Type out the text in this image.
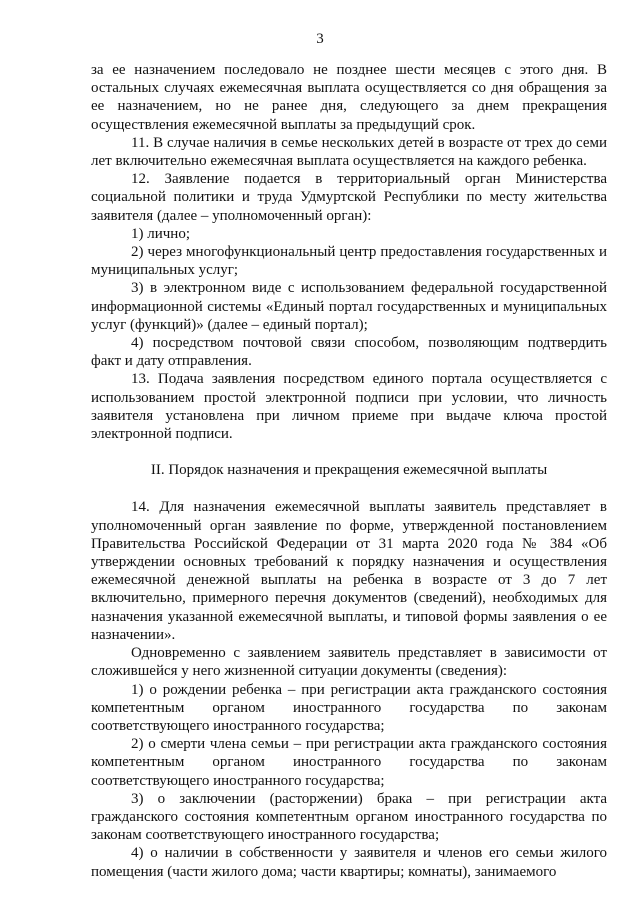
3

за ее назначением последовало не позднее шести месяцев с этого дня. В остальных случаях ежемесячная выплата осуществляется со дня обращения за ее назначением, но не ранее дня, следующего за днем прекращения осуществления ежемесячной выплаты за предыдущий срок.

11. В случае наличия в семье нескольких детей в возрасте от трех до семи лет включительно ежемесячная выплата осуществляется на каждого ребенка.

12. Заявление подается в территориальный орган Министерства социальной политики и труда Удмуртской Республики по месту жительства заявителя (далее – уполномоченный орган):

1) лично;

2) через многофункциональный центр предоставления государственных и муниципальных услуг;

3) в электронном виде с использованием федеральной государственной информационной системы «Единый портал государственных и муниципальных услуг (функций)» (далее – единый портал);

4) посредством почтовой связи способом, позволяющим подтвердить факт и дату отправления.

13. Подача заявления посредством единого портала осуществляется с использованием простой электронной подписи при условии, что личность заявителя установлена при личном приеме при выдаче ключа простой электронной подписи.

II. Порядок назначения и прекращения ежемесячной выплаты

14. Для назначения ежемесячной выплаты заявитель представляет в уполномоченный орган заявление по форме, утвержденной постановлением Правительства Российской Федерации от 31 марта 2020 года № 384 «Об утверждении основных требований к порядку назначения и осуществления ежемесячной денежной выплаты на ребенка в возрасте от 3 до 7 лет включительно, примерного перечня документов (сведений), необходимых для назначения указанной ежемесячной выплаты, и типовой формы заявления о ее назначении».

Одновременно с заявлением заявитель представляет в зависимости от сложившейся у него жизненной ситуации документы (сведения):

1) о рождении ребенка – при регистрации акта гражданского состояния компетентным органом иностранного государства по законам соответствующего иностранного государства;

2) о смерти члена семьи – при регистрации акта гражданского состояния компетентным органом иностранного государства по законам соответствующего иностранного государства;

3) о заключении (расторжении) брака – при регистрации акта гражданского состояния компетентным органом иностранного государства по законам соответствующего иностранного государства;

4) о наличии в собственности у заявителя и членов его семьи жилого помещения (части жилого дома; части квартиры; комнаты), занимаемого
